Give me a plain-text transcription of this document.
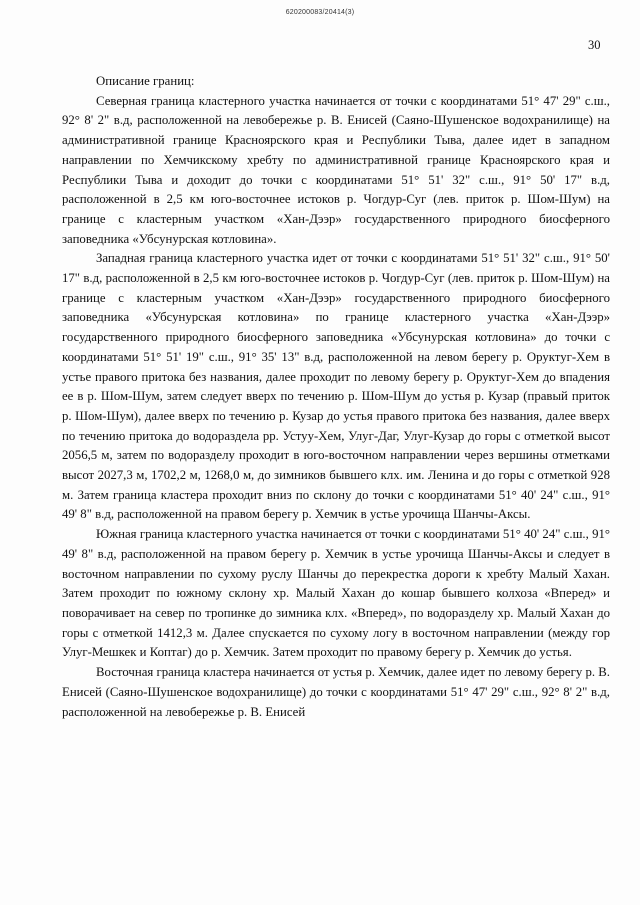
620200083/20414(3)
30

Описание границ:

Северная граница кластерного участка начинается от точки с координатами 51° 47' 29" с.ш., 92° 8' 2" в.д, расположенной на левобережье р. В. Енисей (Саяно-Шушенское водохранилище) на административной границе Красноярского края и Республики Тыва, далее идет в западном направлении по Хемчикскому хребту по административной границе Красноярского края и Республики Тыва и доходит до точки с координатами 51° 51' 32" с.ш., 91° 50' 17" в.д, расположенной в 2,5 км юго-восточнее истоков р. Чогдур-Суг (лев. приток р. Шом-Шум) на границе с кластерным участком «Хан-Дээр» государственного природного биосферного заповедника «Убсунурская котловина».

Западная граница кластерного участка идет от точки с координатами 51° 51' 32" с.ш., 91° 50' 17" в.д, расположенной в 2,5 км юго-восточнее истоков р. Чогдур-Суг (лев. приток р. Шом-Шум) на границе с кластерным участком «Хан-Дээр» государственного природного биосферного заповедника «Убсунурская котловина» по границе кластерного участка «Хан-Дээр» государственного природного биосферного заповедника «Убсунурская котловина» до точки с координатами 51° 51' 19" с.ш., 91° 35' 13" в.д, расположенной на левом берегу р. Оруктуг-Хем в устье правого притока без названия, далее проходит по левому берегу р. Оруктуг-Хем до впадения ее в р. Шом-Шум, затем следует вверх по течению р. Шом-Шум до устья р. Кузар (правый приток р. Шом-Шум), далее вверх по течению р. Кузар до устья правого притока без названия, далее вверх по течению притока до водораздела рр. Устуу-Хем, Улуг-Даг, Улуг-Кузар до горы с отметкой высот 2056,5 м, затем по водоразделу проходит в юго-восточном направлении через вершины отметками высот 2027,3 м, 1702,2 м, 1268,0 м, до зимников бывшего клх. им. Ленина и до горы с отметкой 928 м. Затем граница кластера проходит вниз по склону до точки с координатами 51° 40' 24" с.ш., 91° 49' 8" в.д, расположенной на правом берегу р. Хемчик в устье урочища Шанчы-Аксы.

Южная граница кластерного участка начинается от точки с координатами 51° 40' 24" с.ш., 91° 49' 8" в.д, расположенной на правом берегу р. Хемчик в устье урочища Шанчы-Аксы и следует в восточном направлении по сухому руслу Шанчы до перекрестка дороги к хребту Малый Хахан. Затем проходит по южному склону хр. Малый Хахан до кошар бывшего колхоза «Вперед» и поворачивает на север по тропинке до зимника клх. «Вперед», по водоразделу хр. Малый Хахан до горы с отметкой 1412,3 м. Далее спускается по сухому логу в восточном направлении (между гор Улуг-Мешкек и Коптаг) до р. Хемчик. Затем проходит по правому берегу р. Хемчик до устья.

Восточная граница кластера начинается от устья р. Хемчик, далее идет по левому берегу р. В. Енисей (Саяно-Шушенское водохранилище) до точки с координатами 51° 47' 29" с.ш., 92° 8' 2" в.д, расположенной на левобережье р. В. Енисей
